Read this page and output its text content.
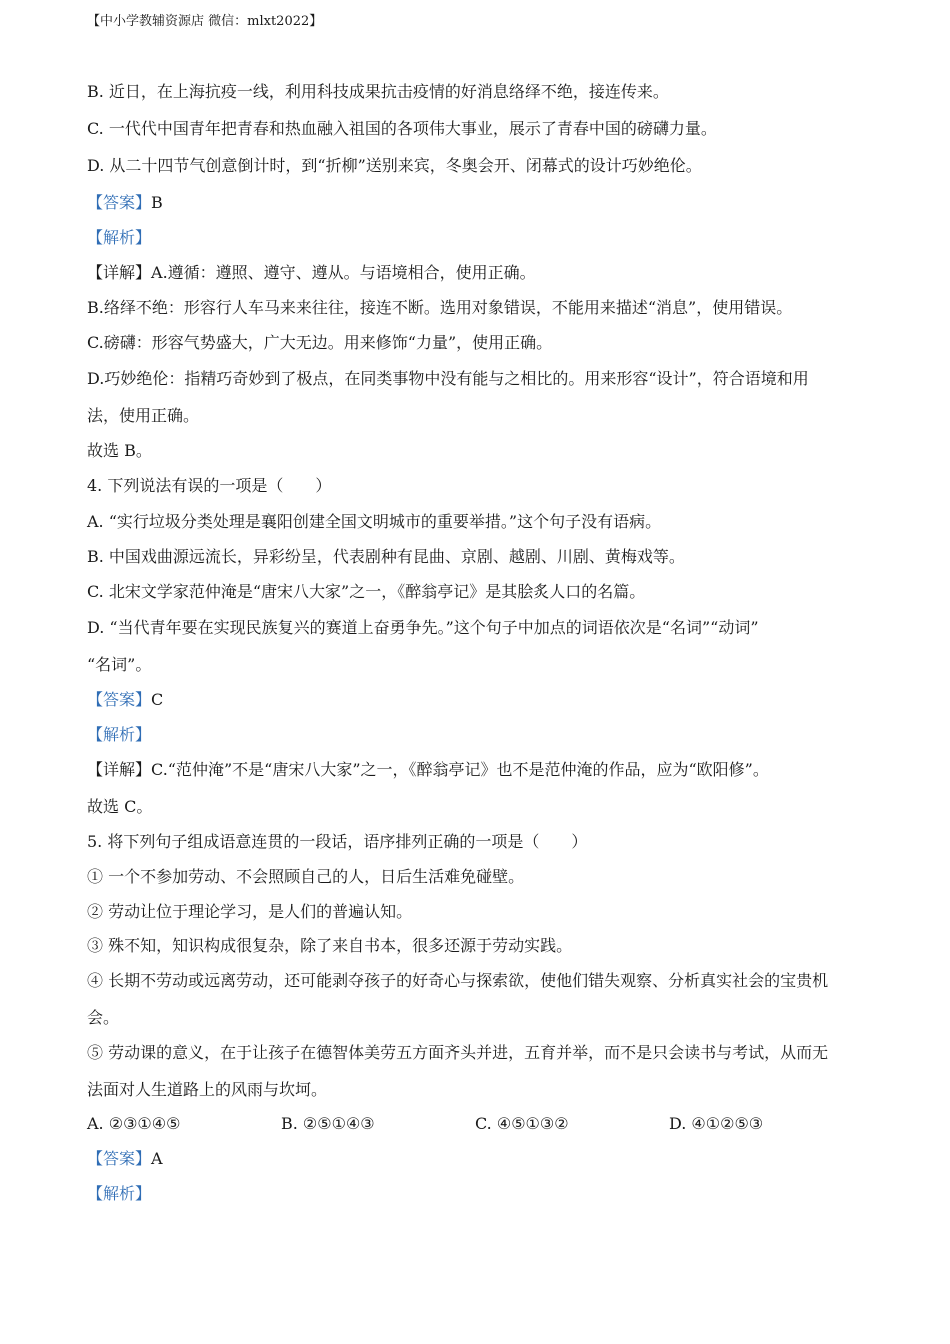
【中小学教辅资源店 微信：mlxt2022】
B. 近日，在上海抗疫一线，利用科技成果抗击疫情的好消息络绎不绝，接连传来。
C. 一代代中国青年把青春和热血融入祖国的各项伟大事业，展示了青春中国的磅礴力量。
D. 从二十四节气创意倒计时，到“折柳”送别来宾，冬奥会开、闭幕式的设计巧妙绝伦。
【答案】B
【解析】
【详解】A.遵循：遵照、遵守、遵从。与语境相合，使用正确。
B.络绎不绝：形容行人车马来来往往，接连不断。选用对象错误，不能用来描述“消息”，使用错误。
C.磅礴：形容气势盛大，广大无边。用来修饰“力量”，使用正确。
D.巧妙绝伦：指精巧奇妙到了极点，在同类事物中没有能与之相比的。用来形容“设计”，符合语境和用
法，使用正确。
故选 B。
4. 下列说法有误的一项是（　　）
A. “实行垃圾分类处理是襄阳创建全国文明城市的重要举措。”这个句子没有语病。
B. 中国戏曲源远流长，异彩纷呈，代表剧种有昆曲、京剧、越剧、川剧、黄梅戏等。
C. 北宋文学家范仲淹是“唐宋八大家”之一，《醉翁亭记》是其脍炙人口的名篇。
D. “当代青年要在实现民族复兴的赛道上奋勇争先。”这个句子中加点的词语依次是“名词”“动词”
“名词”。
【答案】C
【解析】
【详解】C.“范仲淹”不是“唐宋八大家”之一，《醉翁亭记》也不是范仲淹的作品，应为“欧阳修”。
故选 C。
5. 将下列句子组成语意连贯的一段话，语序排列正确的一项是（　　）
① 一个不参加劳动、不会照顾自己的人，日后生活难免碰壁。
② 劳动让位于理论学习，是人们的普遍认知。
③ 殊不知，知识构成很复杂，除了来自书本，很多还源于劳动实践。
④ 长期不劳动或远离劳动，还可能剥夺孩子的好奇心与探索欲，使他们错失观察、分析真实社会的宝贵机
会。
⑤ 劳动课的意义，在于让孩子在德智体美劳五方面齐头并进，五育并举，而不是只会读书与考试，从而无
法面对人生道路上的风雨与坎坷。
A. ②③①④⑤	B. ②⑤①④③	C. ④⑤①③②	D. ④①②⑤③
【答案】A
【解析】
